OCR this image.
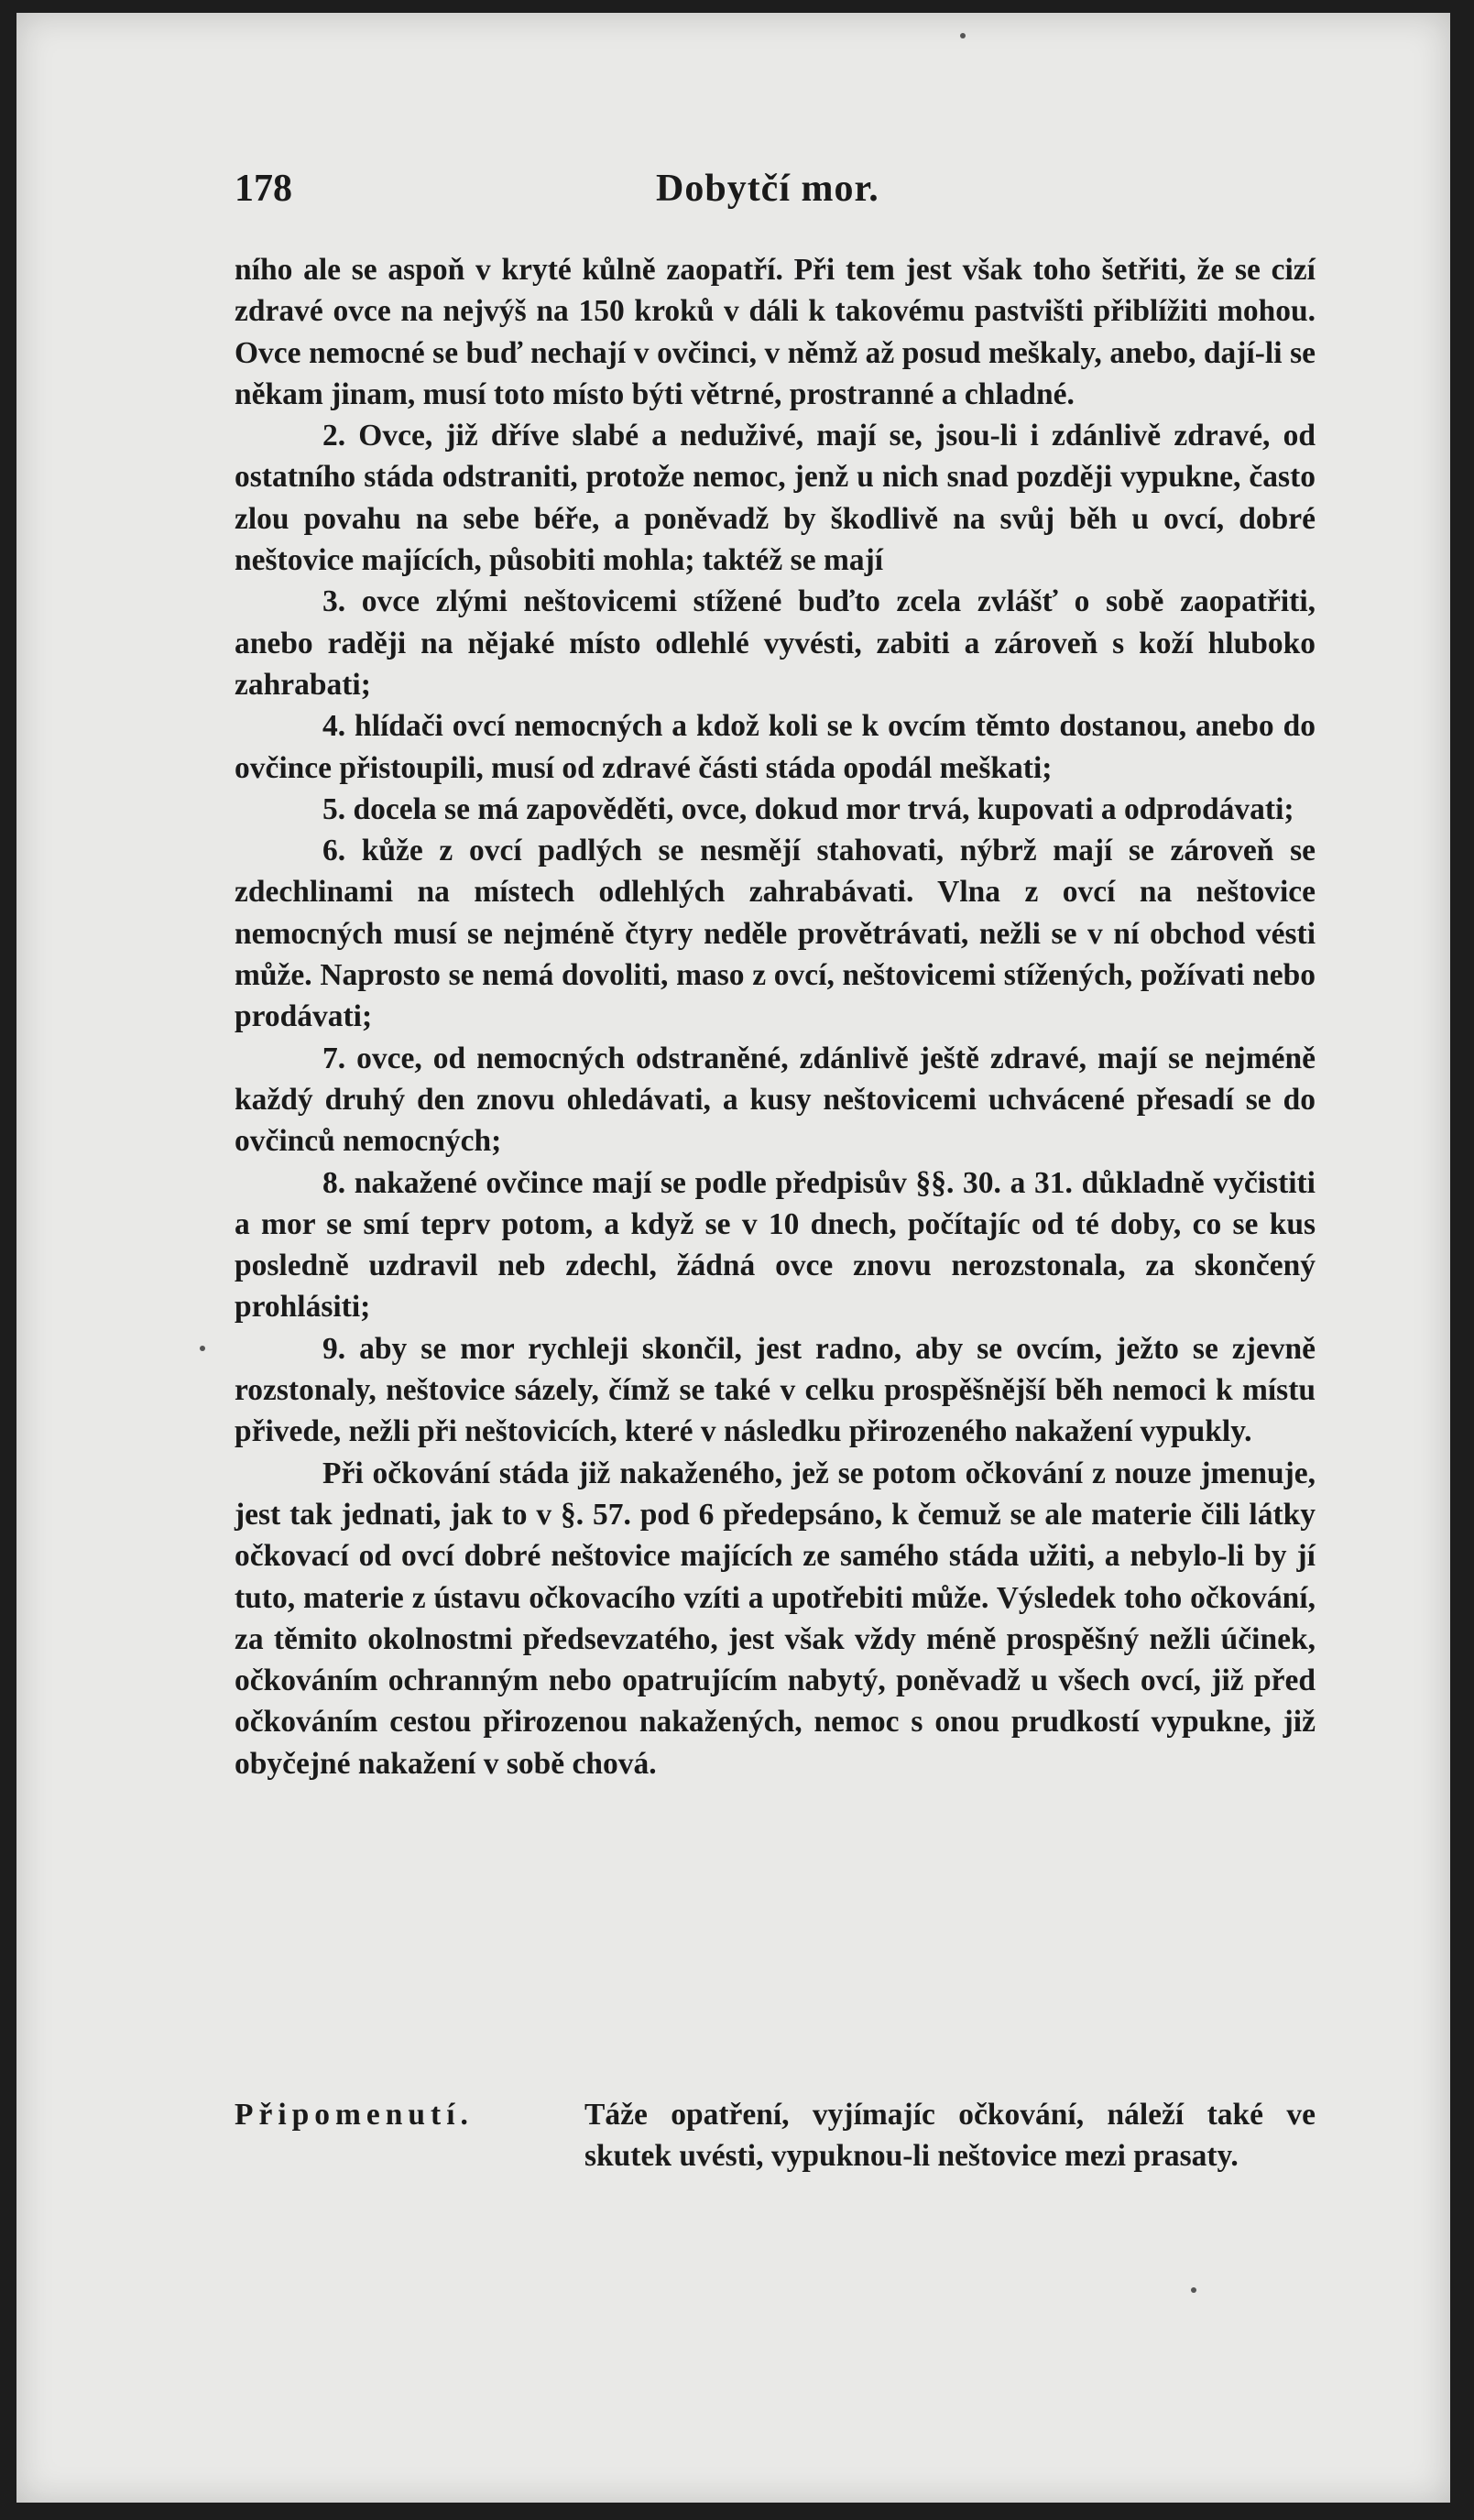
178	Dobytčí mor.

ního ale se aspoň v kryté kůlně zaopatří. Při tem jest však toho šetřiti, že se cizí zdravé ovce na nejvýš na 150 kroků v dáli k takovému pastvišti přiblížiti mohou. Ovce nemocné se buď nechají v ovčinci, v němž až posud meškaly, anebo, dají-li se někam jinam, musí toto místo býti větrné, prostranné a chladné.

2. Ovce, již dříve slabé a neduživé, mají se, jsou-li i zdánlivě zdravé, od ostatního stáda odstraniti, protože nemoc, jenž u nich snad později vypukne, často zlou povahu na sebe béře, a poněvadž by škodlivě na svůj běh u ovcí, dobré neštovice majících, působiti mohla; taktéž se mají

3. ovce zlými neštovicemi stížené buďto zcela zvlášť o sobě zaopatřiti, anebo raději na nějaké místo odlehlé vyvésti, zabiti a zároveň s koží hluboko zahrabati;

4. hlídači ovcí nemocných a kdož koli se k ovcím těmto dostanou, anebo do ovčince přistoupili, musí od zdravé části stáda opodál meškati;

5. docela se má zapověděti, ovce, dokud mor trvá, kupovati a odprodávati;

6. kůže z ovcí padlých se nesmějí stahovati, nýbrž mají se zároveň se zdechlinami na místech odlehlých zahrabávati. Vlna z ovcí na neštovice nemocných musí se nejméně čtyry neděle provětrávati, nežli se v ní obchod vésti může. Naprosto se nemá dovoliti, maso z ovcí, neštovicemi stížených, požívati nebo prodávati;

7. ovce, od nemocných odstraněné, zdánlivě ještě zdravé, mají se nejméně každý druhý den znovu ohledávati, a kusy neštovicemi uchvácené přesadí se do ovčinců nemocných;

8. nakažené ovčince mají se podle předpisův §§. 30. a 31. důkladně vyčistiti a mor se smí teprv potom, a když se v 10 dnech, počítajíc od té doby, co se kus posledně uzdravil neb zdechl, žádná ovce znovu nerozstonala, za skončený prohlásiti;

9. aby se mor rychleji skončil, jest radno, aby se ovcím, ježto se zjevně rozstonaly, neštovice sázely, čímž se také v celku prospěšnější běh nemoci k místu přivede, nežli při neštovicích, které v následku přirozeného nakažení vypukly.

Při očkování stáda již nakaženého, jež se potom očkování z nouze jmenuje, jest tak jednati, jak to v §. 57. pod 6 předepsáno, k čemuž se ale materie čili látky očkovací od ovcí dobré neštovice majících ze samého stáda užiti, a nebylo-li by jí tuto, materie z ústavu očkovacího vzíti a upotřebiti může. Výsledek toho očkování, za těmito okolnostmi předsevzatého, jest však vždy méně prospěšný nežli účinek, očkováním ochranným nebo opatrujícím nabytý, poněvadž u všech ovcí, již před očkováním cestou přirozenou nakažených, nemoc s onou prudkostí vypukne, již obyčejné nakažení v sobě chová.

Připomenutí.	Táže opatření, vyjímajíc očkování, náleží také ve skutek uvésti, vypuknou-li neštovice mezi prasaty.
